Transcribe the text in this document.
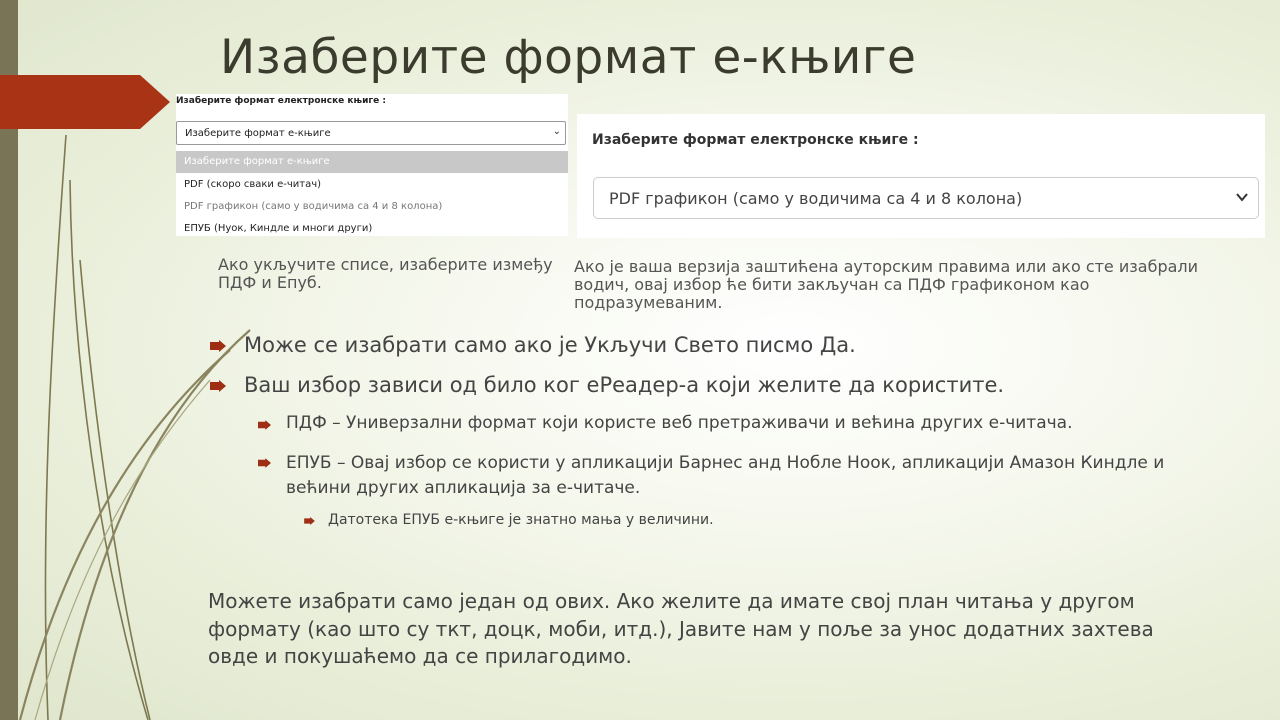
Изаберите формат е-књиге
Изаберите формат електронске књиге :
Изаберите формат е-књиге	⌄
Изаберите формат е-књиге
PDF (скоро сваки е-читач)
PDF графикон (само у водичима са 4 и 8 колона)
ЕПУБ (Нуок, Киндле и многи други)
Изаберите формат електронске књиге :
PDF графикон (само у водичима са 4 и 8 колона)
Ако укључите списе, изаберите између ПДФ и Епуб.
Ако је ваша верзија заштићена ауторским правима или ако сте изабрали водич, овај избор ће бити закључан са ПДФ графиконом као подразумеваним.
Може се изабрати само ако је Укључи Свето писмо Да.
Ваш избор зависи од било ког еРеадер-а који желите да користите.
ПДФ – Универзални формат који користе веб претраживачи и већина других е-читача.
ЕПУБ – Овај избор се користи у апликацији Барнес анд Нобле Ноок, апликацији Амазон Киндле и већини других апликација за е-читаче.
Датотека ЕПУБ е-књиге је знатно мања у величини.
Можете изабрати само један од ових. Ако желите да имате свој план читања у другом формату (као што су ткт, доцк, моби, итд.), Јавите нам у поље за унос додатних захтева овде и покушаћемо да се прилагодимо.
